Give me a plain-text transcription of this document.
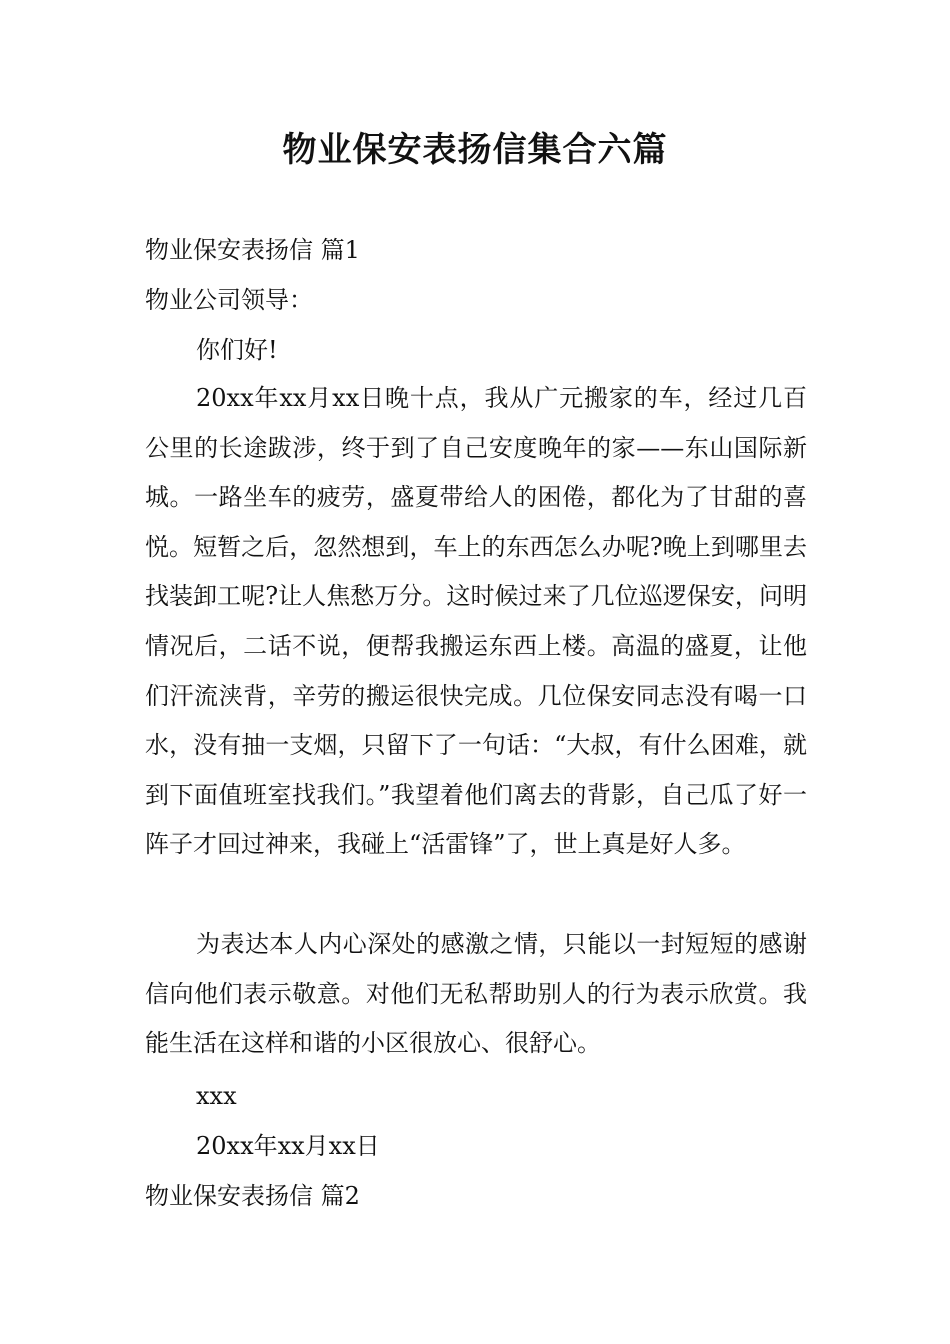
物业保安表扬信集合六篇
物业保安表扬信 篇1
物业公司领导：
你们好!
20xx年xx月xx日晚十点，我从广元搬家的车，经过几百公里的长途跋涉，终于到了自己安度晚年的家——东山国际新城。一路坐车的疲劳，盛夏带给人的困倦，都化为了甘甜的喜悦。短暂之后，忽然想到，车上的东西怎么办呢?晚上到哪里去找装卸工呢?让人焦愁万分。这时候过来了几位巡逻保安，问明情况后，二话不说，便帮我搬运东西上楼。高温的盛夏，让他们汗流浃背，辛劳的搬运很快完成。几位保安同志没有喝一口水，没有抽一支烟，只留下了一句话：“大叔，有什么困难，就到下面值班室找我们。”我望着他们离去的背影，自己瓜了好一阵子才回过神来，我碰上“活雷锋”了，世上真是好人多。
为表达本人内心深处的感激之情，只能以一封短短的感谢信向他们表示敬意。对他们无私帮助别人的行为表示欣赏。我能生活在这样和谐的小区很放心、很舒心。
xxx
20xx年xx月xx日
物业保安表扬信 篇2
